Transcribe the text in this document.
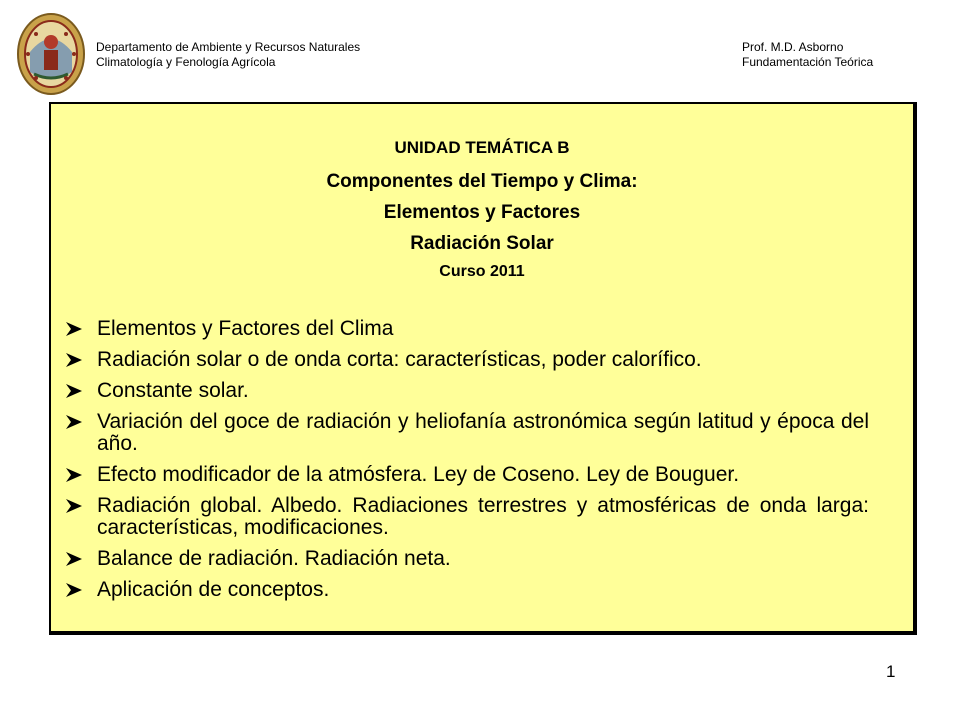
Departamento de Ambiente y Recursos Naturales
Climatología y Fenología Agrícola
Prof. M.D. Asborno
Fundamentación Teórica
UNIDAD TEMÁTICA B
Componentes del Tiempo y Clima:
Elementos y Factores
Radiación Solar
Curso 2011
Elementos y Factores del Clima
Radiación solar o de onda corta: características, poder calorífico.
Constante solar.
Variación del goce de radiación y heliofanía astronómica según latitud y época del año.
Efecto modificador de la atmósfera. Ley de Coseno. Ley de Bouguer.
Radiación global. Albedo. Radiaciones terrestres y atmosféricas de onda larga: características, modificaciones.
Balance de radiación. Radiación neta.
Aplicación de conceptos.
1
